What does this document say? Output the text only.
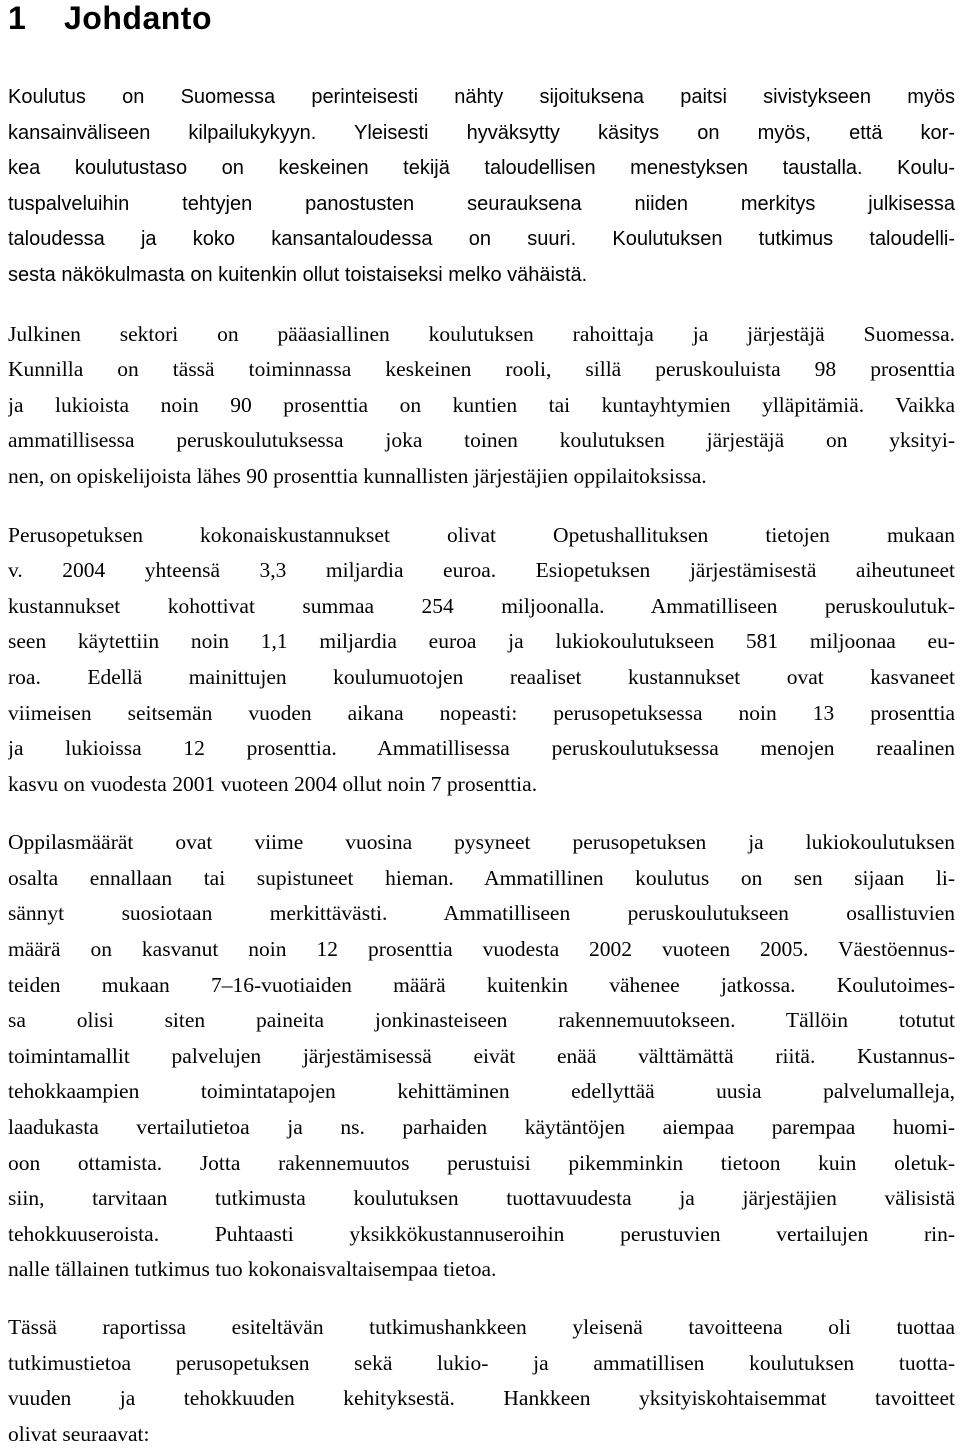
1 Johdanto
Koulutus on Suomessa perinteisesti nähty sijoituksena paitsi sivistykseen myös
kansainväliseen kilpailukykyyn. Yleisesti hyväksytty käsitys on myös, että kor-
kea koulutustaso on keskeinen tekijä taloudellisen menestyksen taustalla. Koulu-
tuspalveluihin tehtyjen panostusten seurauksena niiden merkitys julkisessa
taloudessa ja koko kansantaloudessa on suuri. Koulutuksen tutkimus taloudelli-
sesta näkökulmasta on kuitenkin ollut toistaiseksi melko vähäistä.
Julkinen sektori on pääasiallinen koulutuksen rahoittaja ja järjestäjä Suomessa.
Kunnilla on tässä toiminnassa keskeinen rooli, sillä peruskouluista 98 prosenttia
ja lukioista noin 90 prosenttia on kuntien tai kuntayhtymien ylläpitämiä. Vaikka
ammatillisessa peruskoulutuksessa joka toinen koulutuksen järjestäjä on yksityi-
nen, on opiskelijoista lähes 90 prosenttia kunnallisten järjestäjien oppilaitoksissa.
Perusopetuksen kokonaiskustannukset olivat Opetushallituksen tietojen mukaan
v. 2004 yhteensä 3,3 miljardia euroa. Esiopetuksen järjestämisestä aiheutuneet
kustannukset kohottivat summaa 254 miljoonalla. Ammatilliseen peruskoulutuk-
seen käytettiin noin 1,1 miljardia euroa ja lukiokoulutukseen 581 miljoonaa eu-
roa. Edellä mainittujen koulumuotojen reaaliset kustannukset ovat kasvaneet
viimeisen seitsemän vuoden aikana nopeasti: perusopetuksessa noin 13 prosenttia
ja lukioissa 12 prosenttia. Ammatillisessa peruskoulutuksessa menojen reaalinen
kasvu on vuodesta 2001 vuoteen 2004 ollut noin 7 prosenttia.
Oppilasmäärät ovat viime vuosina pysyneet perusopetuksen ja lukiokoulutuksen
osalta ennallaan tai supistuneet hieman. Ammatillinen koulutus on sen sijaan li-
sännyt suosiotaan merkittävästi. Ammatilliseen peruskoulutukseen osallistuvien
määrä on kasvanut noin 12 prosenttia vuodesta 2002 vuoteen 2005. Väestöennus-
teiden mukaan 7–16-vuotiaiden määrä kuitenkin vähenee jatkossa. Koulutoimes-
sa olisi siten paineita jonkinasteiseen rakennemuutokseen. Tällöin totutut
toimintamallit palvelujen järjestämisessä eivät enää välttämättä riitä. Kustannus-
tehokkaampien toimintatapojen kehittäminen edellyttää uusia palvelumalleja,
laadukasta vertailutietoa ja ns. parhaiden käytäntöjen aiempaa parempaa huomi-
oon ottamista. Jotta rakennemuutos perustuisi pikemminkin tietoon kuin oletuk-
siin, tarvitaan tutkimusta koulutuksen tuottavuudesta ja järjestäjien välisistä
tehokkuuseroista. Puhtaasti yksikkökustannuseroihin perustuvien vertailujen rin-
nalle tällainen tutkimus tuo kokonaisvaltaisempaa tietoa.
Tässä raportissa esiteltävän tutkimushankkeen yleisenä tavoitteena oli tuottaa
tutkimustietoa perusopetuksen sekä lukio- ja ammatillisen koulutuksen tuotta-
vuuden ja tehokkuuden kehityksestä. Hankkeen yksityiskohtaisemmat tavoitteet
olivat seuraavat:
